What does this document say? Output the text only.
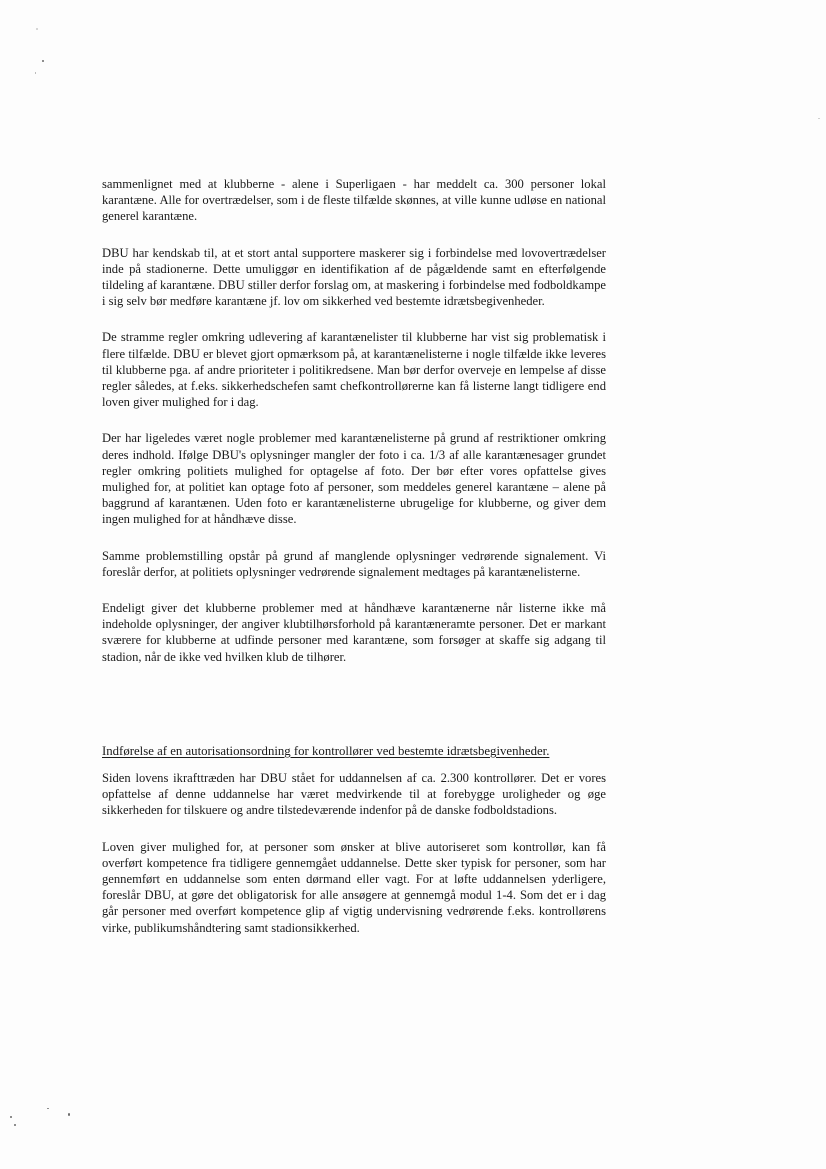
sammenlignet med at klubberne - alene i Superligaen - har meddelt ca. 300 personer lokal karantæne. Alle for overtrædelser, som i de fleste tilfælde skønnes, at ville kunne udløse en national generel karantæne.

DBU har kendskab til, at et stort antal supportere maskerer sig i forbindelse med lovovertrædelser inde på stadionerne. Dette umuliggør en identifikation af de pågældende samt en efterfølgende tildeling af karantæne. DBU stiller derfor forslag om, at maskering i forbindelse med fodboldkampe i sig selv bør medføre karantæne jf. lov om sikkerhed ved bestemte idrætsbegivenheder.

De stramme regler omkring udlevering af karantænelister til klubberne har vist sig problematisk i flere tilfælde. DBU er blevet gjort opmærksom på, at karantænelisterne i nogle tilfælde ikke leveres til klubberne pga. af andre prioriteter i politikredsene. Man bør derfor overveje en lempelse af disse regler således, at f.eks. sikkerhedschefen samt chefkontrollørerne kan få listerne langt tidligere end loven giver mulighed for i dag.

Der har ligeledes været nogle problemer med karantænelisterne på grund af restriktioner omkring deres indhold. Ifølge DBU's oplysninger mangler der foto i ca. 1/3 af alle karantænesager grundet regler omkring politiets mulighed for optagelse af foto. Der bør efter vores opfattelse gives mulighed for, at politiet kan optage foto af personer, som meddeles generel karantæne – alene på baggrund af karantænen. Uden foto er karantænelisterne ubrugelige for klubberne, og giver dem ingen mulighed for at håndhæve disse.

Samme problemstilling opstår på grund af manglende oplysninger vedrørende signalement. Vi foreslår derfor, at politiets oplysninger vedrørende signalement medtages på karantænelisterne.

Endeligt giver det klubberne problemer med at håndhæve karantænerne når listerne ikke må indeholde oplysninger, der angiver klubtilhørsforhold på karantæneramte personer. Det er markant sværere for klubberne at udfinde personer med karantæne, som forsøger at skaffe sig adgang til stadion, når de ikke ved hvilken klub de tilhører.

Indførelse af en autorisationsordning for kontrollører ved bestemte idrætsbegivenheder.

Siden lovens ikrafttræden har DBU stået for uddannelsen af ca. 2.300 kontrollører. Det er vores opfattelse af denne uddannelse har været medvirkende til at forebygge uroligheder og øge sikkerheden for tilskuere og andre tilstedeværende indenfor på de danske fodboldstadions.

Loven giver mulighed for, at personer som ønsker at blive autoriseret som kontrollør, kan få overført kompetence fra tidligere gennemgået uddannelse. Dette sker typisk for personer, som har gennemført en uddannelse som enten dørmand eller vagt. For at løfte uddannelsen yderligere, foreslår DBU, at gøre det obligatorisk for alle ansøgere at gennemgå modul 1-4. Som det er i dag går personer med overført kompetence glip af vigtig undervisning vedrørende f.eks. kontrollørens virke, publikumshåndtering samt stadionsikkerhed.
